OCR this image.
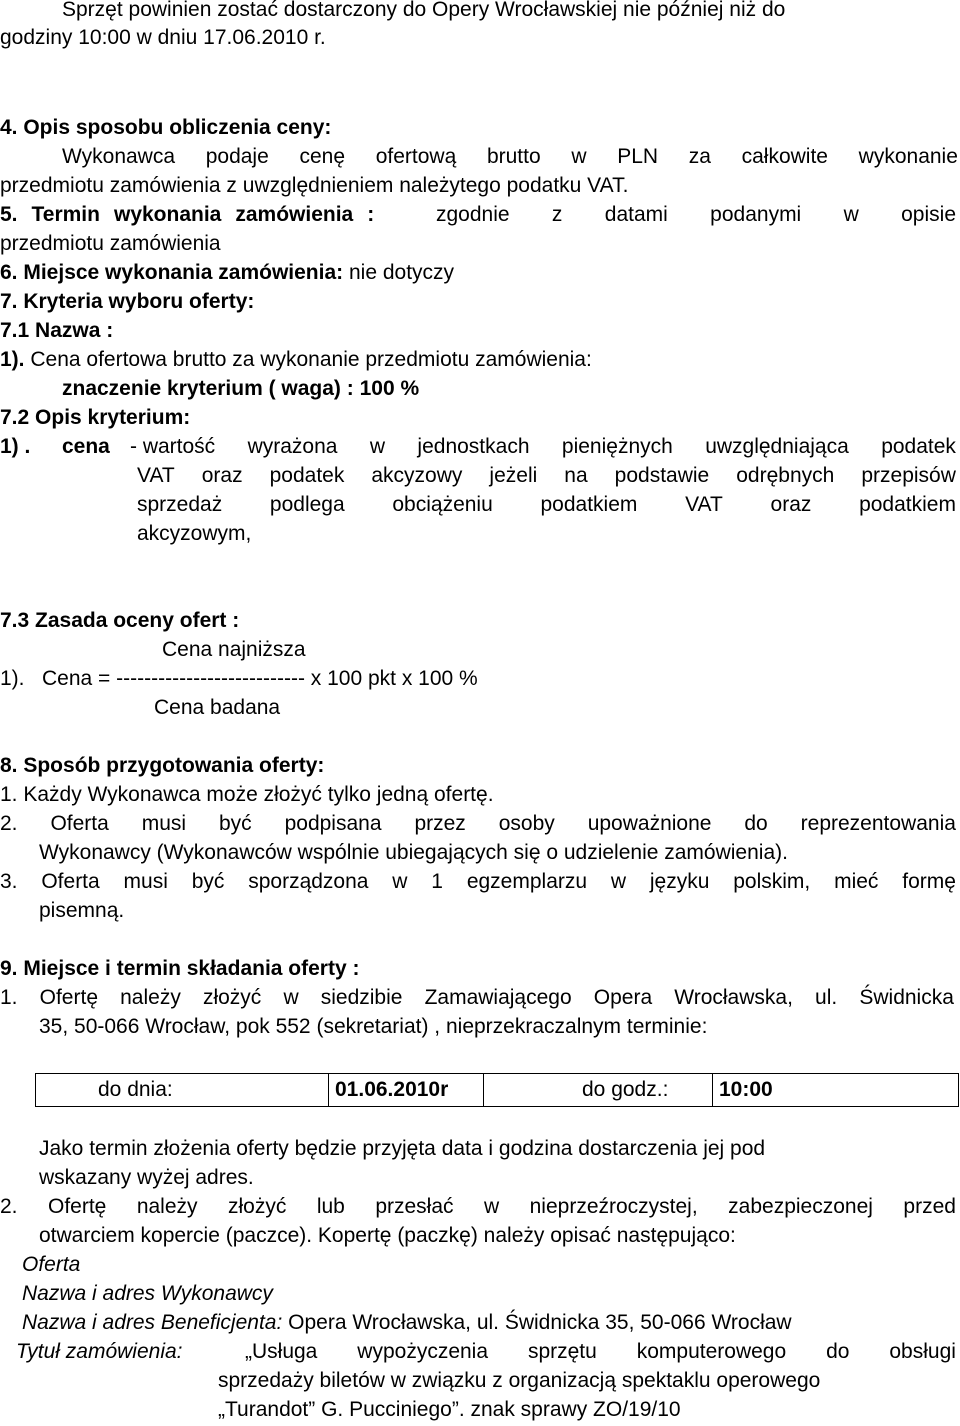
Sprzęt powinien zostać dostarczony do Opery Wrocławskiej nie później niż do
godziny 10:00 w dniu 17.06.2010 r.
4. Opis sposobu obliczenia ceny:
Wykonawca podaje cenę ofertową brutto w PLN za całkowite wykonanie
przedmiotu zamówienia z uwzględnieniem należytego podatku VAT.
5. Termin wykonania zamówienia :	zgodnie z datami podanymi w opisie
przedmiotu zamówienia
6. Miejsce wykonania zamówienia: nie dotyczy
7. Kryteria wyboru oferty:
7.1 Nazwa :
1). Cena ofertowa brutto za wykonanie przedmiotu zamówienia:
znaczenie kryterium ( waga) : 100 %
7.2 Opis kryterium:
1) . cena - wartość wyrażona w jednostkach pieniężnych uwzględniająca podatek
VAT oraz podatek akcyzowy jeżeli na podstawie odrębnych przepisów
sprzedaż podlega obciążeniu podatkiem VAT oraz podatkiem
akcyzowym,
7.3 Zasada oceny ofert :
Cena najniższa
1).   Cena = --------------------------- x 100 pkt x 100 %
Cena badana
8. Sposób przygotowania oferty:
1. Każdy Wykonawca może złożyć tylko jedną ofertę.
2. Oferta musi być podpisana przez osoby upoważnione do reprezentowania
Wykonawcy (Wykonawców wspólnie ubiegających się o udzielenie zamówienia).
3. Oferta musi być sporządzona w 1 egzemplarzu w języku polskim, mieć formę
pisemną.
9. Miejsce i termin składania oferty :
1. Ofertę należy złożyć w siedzibie Zamawiającego Opera Wrocławska, ul. Świdnicka
35, 50-066 Wrocław, pok 552 (sekretariat) , nieprzekraczalnym terminie:
do dnia:	01.06.2010r	do godz.:	10:00
Jako termin złożenia oferty będzie przyjęta data i godzina dostarczenia jej pod
wskazany wyżej adres.
2. Ofertę należy złożyć lub przesłać w nieprzeźroczystej, zabezpieczonej przed
otwarciem kopercie (paczce). Kopertę (paczkę) należy opisać następująco:
Oferta
Nazwa i adres Wykonawcy
Nazwa i adres Beneficjenta: Opera Wrocławska, ul. Świdnicka 35, 50-066 Wrocław
Tytuł zamówienia:	„Usługa wypożyczenia sprzętu komputerowego do obsługi
sprzedaży biletów w związku z organizacją spektaklu operowego
„Turandot” G. Pucciniego”. znak sprawy ZO/19/10
